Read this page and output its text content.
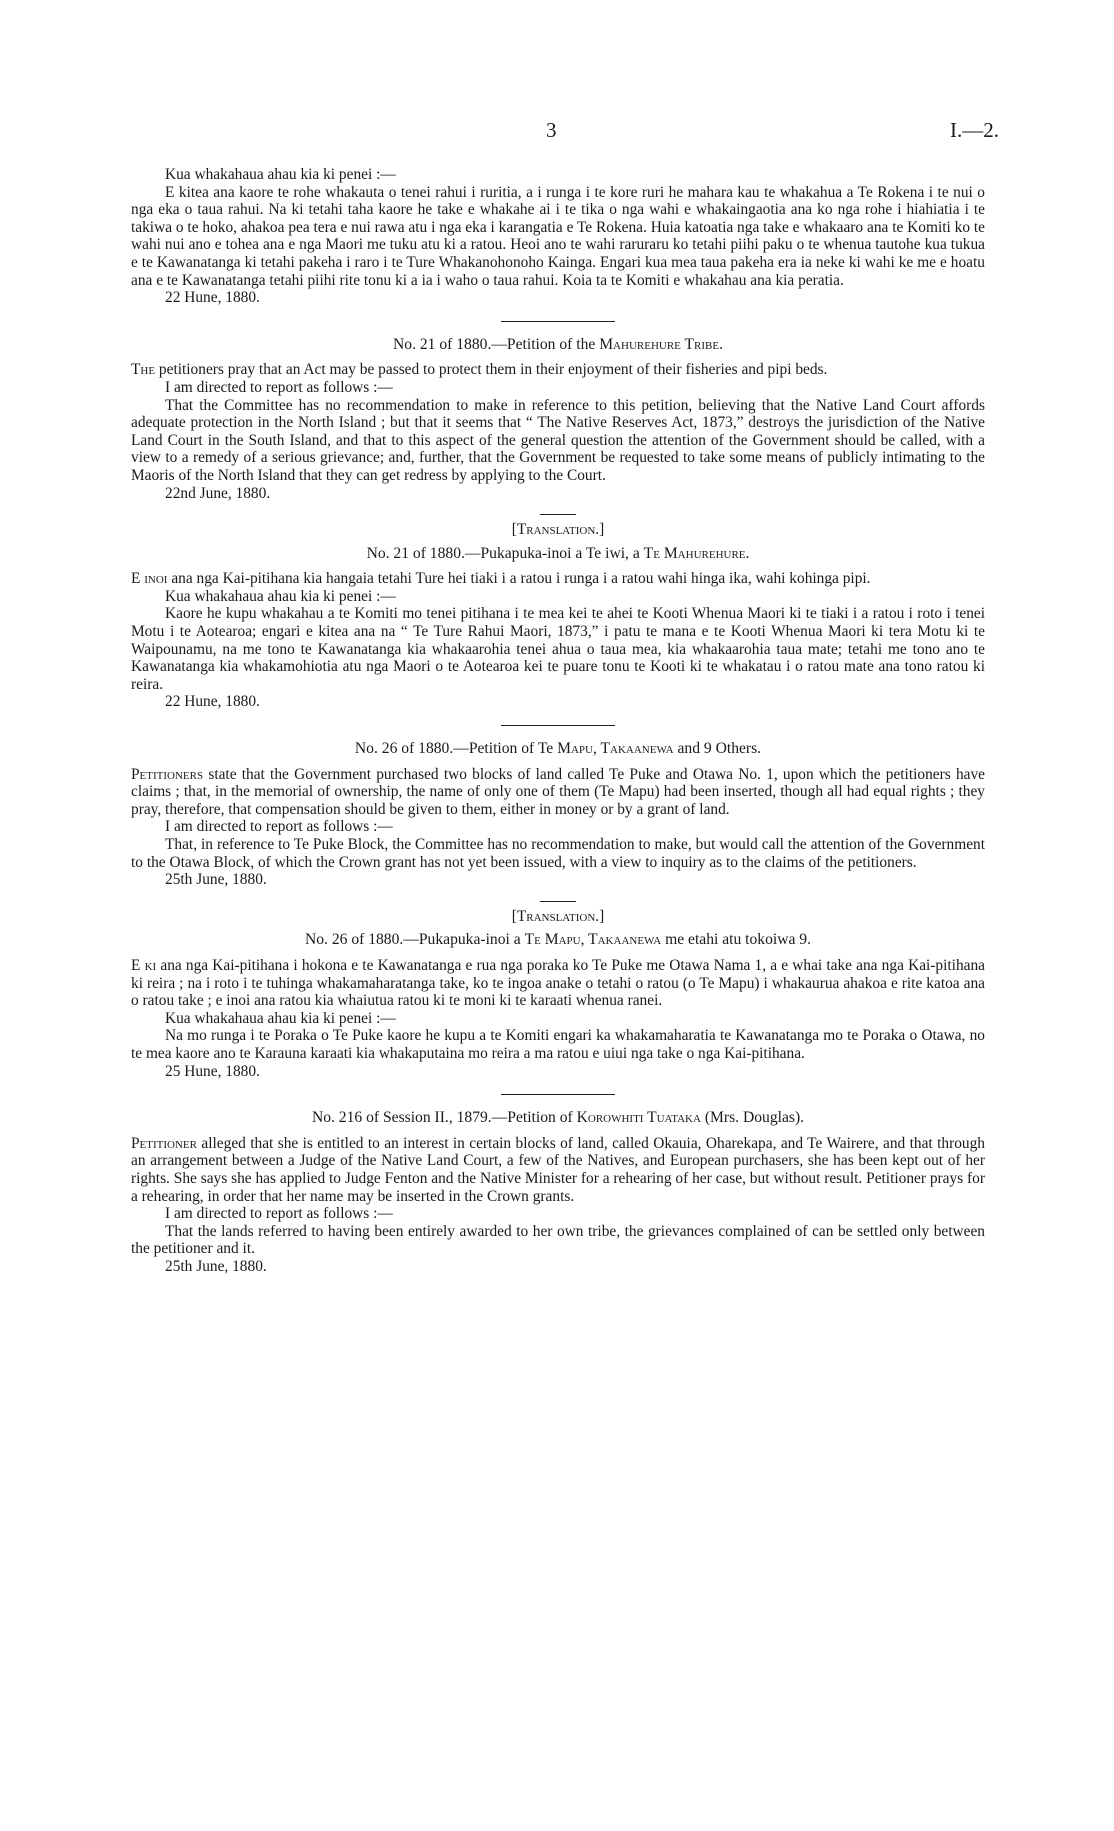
3	I.—2.

Kua whakahaua ahau kia ki penei :—

E kitea ana kaore te rohe whakauta o tenei rahui i ruritia, a i runga i te kore ruri he mahara kau te whakahua a Te Rokena i te nui o nga eka o taua rahui. Na ki tetahi taha kaore he take e whakahe ai i te tika o nga wahi e whakaingaotia ana ko nga rohe i hiahiatia i te takiwa o te hoko, ahakoa pea tera e nui rawa atu i nga eka i karangatia e Te Rokena. Huia katoatia nga take e whakaaro ana te Komiti ko te wahi nui ano e tohea ana e nga Maori me tuku atu ki a ratou. Heoi ano te wahi raruraru ko tetahi piihi paku o te whenua tautohe kua tukua e te Kawanatanga ki tetahi pakeha i raro i te Ture Whakanohonoho Kainga. Engari kua mea taua pakeha era ia neke ki wahi ke me e hoatu ana e te Kawanatanga tetahi piihi rite tonu ki a ia i waho o taua rahui. Koia ta te Komiti e whakahau ana kia peratia.

22 Hune, 1880.

No. 21 of 1880.—Petition of the Mahurehure Tribe.

The petitioners pray that an Act may be passed to protect them in their enjoyment of their fisheries and pipi beds.

I am directed to report as follows :—

That the Committee has no recommendation to make in reference to this petition, believing that the Native Land Court affords adequate protection in the North Island ; but that it seems that “ The Native Reserves Act, 1873,” destroys the jurisdiction of the Native Land Court in the South Island, and that to this aspect of the general question the attention of the Government should be called, with a view to a remedy of a serious grievance; and, further, that the Government be requested to take some means of publicly intimating to the Maoris of the North Island that they can get redress by applying to the Court.

22nd June, 1880.

[Translation.]

No. 21 of 1880.—Pukapuka-inoi a Te iwi, a Te Mahurehure.

E inoi ana nga Kai-pitihana kia hangaia tetahi Ture hei tiaki i a ratou i runga i a ratou wahi hinga ika, wahi kohinga pipi.

Kua whakahaua ahau kia ki penei :—

Kaore he kupu whakahau a te Komiti mo tenei pitihana i te mea kei te ahei te Kooti Whenua Maori ki te tiaki i a ratou i roto i tenei Motu i te Aotearoa; engari e kitea ana na “ Te Ture Rahui Maori, 1873,” i patu te mana e te Kooti Whenua Maori ki tera Motu ki te Waipounamu, na me tono te Kawanatanga kia whakaarohia tenei ahua o taua mea, kia whakaarohia taua mate; tetahi me tono ano te Kawanatanga kia whakamohiotia atu nga Maori o te Aotearoa kei te puare tonu te Kooti ki te whakatau i o ratou mate ana tono ratou ki reira.

22 Hune, 1880.

No. 26 of 1880.—Petition of Te Mapu, Takaanewa and 9 Others.

Petitioners state that the Government purchased two blocks of land called Te Puke and Otawa No. 1, upon which the petitioners have claims ; that, in the memorial of ownership, the name of only one of them (Te Mapu) had been inserted, though all had equal rights ; they pray, therefore, that compensation should be given to them, either in money or by a grant of land.

I am directed to report as follows :—

That, in reference to Te Puke Block, the Committee has no recommendation to make, but would call the attention of the Government to the Otawa Block, of which the Crown grant has not yet been issued, with a view to inquiry as to the claims of the petitioners.

25th June, 1880.

[Translation.]

No. 26 of 1880.—Pukapuka-inoi a Te Mapu, Takaanewa me etahi atu tokoiwa 9.

E ki ana nga Kai-pitihana i hokona e te Kawanatanga e rua nga poraka ko Te Puke me Otawa Nama 1, a e whai take ana nga Kai-pitihana ki reira ; na i roto i te tuhinga whakamaharatanga take, ko te ingoa anake o tetahi o ratou (o Te Mapu) i whakaurua ahakoa e rite katoa ana o ratou take ; e inoi ana ratou kia whaiutua ratou ki te moni ki te karaati whenua ranei.

Kua whakahaua ahau kia ki penei :—

Na mo runga i te Poraka o Te Puke kaore he kupu a te Komiti engari ka whakamaharatia te Kawanatanga mo te Poraka o Otawa, no te mea kaore ano te Karauna karaati kia whakaputaina mo reira a ma ratou e uiui nga take o nga Kai-pitihana.

25 Hune, 1880.

No. 216 of Session II., 1879.—Petition of Korowhiti Tuataka (Mrs. Douglas).

Petitioner alleged that she is entitled to an interest in certain blocks of land, called Okauia, Oharekapa, and Te Wairere, and that through an arrangement between a Judge of the Native Land Court, a few of the Natives, and European purchasers, she has been kept out of her rights. She says she has applied to Judge Fenton and the Native Minister for a rehearing of her case, but without result. Petitioner prays for a rehearing, in order that her name may be inserted in the Crown grants.

I am directed to report as follows :—

That the lands referred to having been entirely awarded to her own tribe, the grievances complained of can be settled only between the petitioner and it.

25th June, 1880.
